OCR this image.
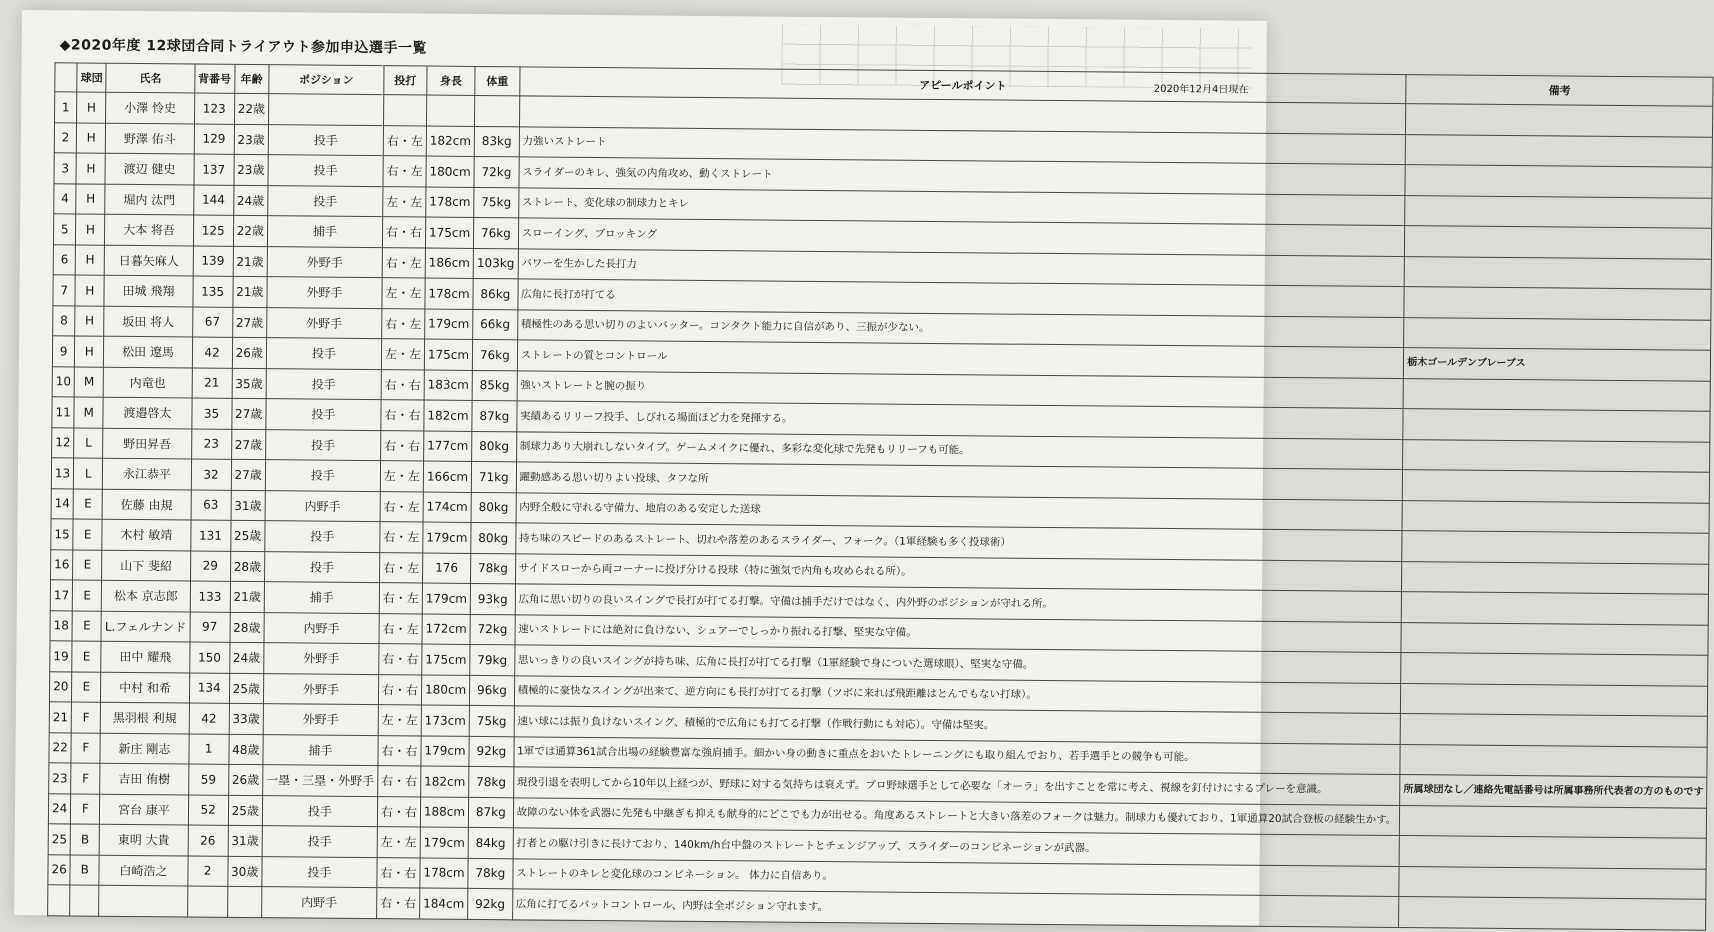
◆2020年度 12球団合同トライアウト参加申込選手一覧
2020年12月4日現在
	球団	氏名	背番号	年齢	ポジション	投打	身長	体重	アピールポイント	備考
1	H	小澤 怜史	123	22歳						
2	H	野澤 佑斗	129	23歳	投手	右・左	182cm	83kg	力強いストレート	
3	H	渡辺 健史	137	23歳	投手	右・左	180cm	72kg	スライダーのキレ、強気の内角攻め、動くストレート	
4	H	堀内 汰門	144	24歳	投手	左・左	178cm	75kg	ストレート、変化球の制球力とキレ	
5	H	大本 将吾	125	22歳	捕手	右・右	175cm	76kg	スローイング、ブロッキング	
6	H	日暮矢麻人	139	21歳	外野手	右・左	186cm	103kg	パワーを生かした長打力	
7	H	田城 飛翔	135	21歳	外野手	左・左	178cm	86kg	広角に長打が打てる	
8	H	坂田 将人	67	27歳	外野手	右・左	179cm	66kg	積極性のある思い切りのよいバッター。コンタクト能力に自信があり、三振が少ない。	
9	H	松田 遼馬	42	26歳	投手	左・左	175cm	76kg	ストレートの質とコントロール	栃木ゴールデンブレーブス
10	M	内竜也	21	35歳	投手	右・右	183cm	85kg	強いストレートと腕の振り	
11	M	渡邉啓太	35	27歳	投手	右・右	182cm	87kg	実績あるリリーフ投手、しびれる場面ほど力を発揮する。	
12	L	野田昇吾	23	27歳	投手	右・右	177cm	80kg	制球力あり大崩れしないタイプ。ゲームメイクに優れ、多彩な変化球で先発もリリーフも可能。	
13	L	永江恭平	32	27歳	投手	左・左	166cm	71kg	躍動感ある思い切りよい投球、タフな所	
14	E	佐藤 由規	63	31歳	内野手	右・左	174cm	80kg	内野全般に守れる守備力、地肩のある安定した送球	
15	E	木村 敏靖	131	25歳	投手	右・左	179cm	80kg	持ち味のスピードのあるストレート、切れや落差のあるスライダー、フォーク。（1軍経験も多く投球術）	
16	E	山下 斐紹	29	28歳	投手	右・左	176	78kg	サイドスローから両コーナーに投げ分ける投球（特に強気で内角も攻められる所）。	
17	E	松本 京志郎	133	21歳	捕手	右・左	179cm	93kg	広角に思い切りの良いスイングで長打が打てる打撃。守備は捕手だけではなく、内外野のポジションが守れる所。	
18	E	L.フェルナンド	97	28歳	内野手	右・左	172cm	72kg	速いストレートには絶対に負けない、シュアーでしっかり振れる打撃、堅実な守備。	
19	E	田中 耀飛	150	24歳	外野手	右・右	175cm	79kg	思いっきりの良いスイングが持ち味、広角に長打が打てる打撃（1軍経験で身についた選球眼）、堅実な守備。	
20	E	中村 和希	134	25歳	外野手	右・右	180cm	96kg	積極的に豪快なスイングが出来て、逆方向にも長打が打てる打撃（ツボに来れば飛距離はとんでもない打球）。	
21	F	黒羽根 利規	42	33歳	外野手	左・左	173cm	75kg	速い球には振り負けないスイング、積極的で広角にも打てる打撃（作戦行動にも対応）。守備は堅実。	
22	F	新庄 剛志	1	48歳	捕手	右・右	179cm	92kg	1軍では通算361試合出場の経験豊富な強肩捕手。細かい身の動きに重点をおいたトレーニングにも取り組んでおり、若手選手との競争も可能。	
23	F	吉田 侑樹	59	26歳	一塁・三塁・外野手	右・右	182cm	78kg	現役引退を表明してから10年以上経つが、野球に対する気持ちは衰えず。プロ野球選手として必要な「オーラ」を出すことを常に考え、視線を釘付けにするプレーを意識。	所属球団なし／連絡先電話番号は所属事務所代表者の方のものです
24	F	宮台 康平	52	25歳	投手	右・右	188cm	87kg	故障のない体を武器に先発も中継ぎも抑えも献身的にどこでも力が出せる。角度あるストレートと大きい落差のフォークは魅力。制球力も優れており、1軍通算20試合登板の経験生かす。	
25	B	東明 大貴	26	31歳	投手	左・左	179cm	84kg	打者との駆け引きに長けており、140km/h台中盤のストレートとチェンジアップ、スライダーのコンビネーションが武器。	
26	B	白崎浩之	2	30歳	投手	右・右	178cm	78kg	ストレートのキレと変化球のコンビネーション。 体力に自信あり。	
					内野手	右・右	184cm	92kg	広角に打てるバットコントロール、内野は全ポジション守れます。	
